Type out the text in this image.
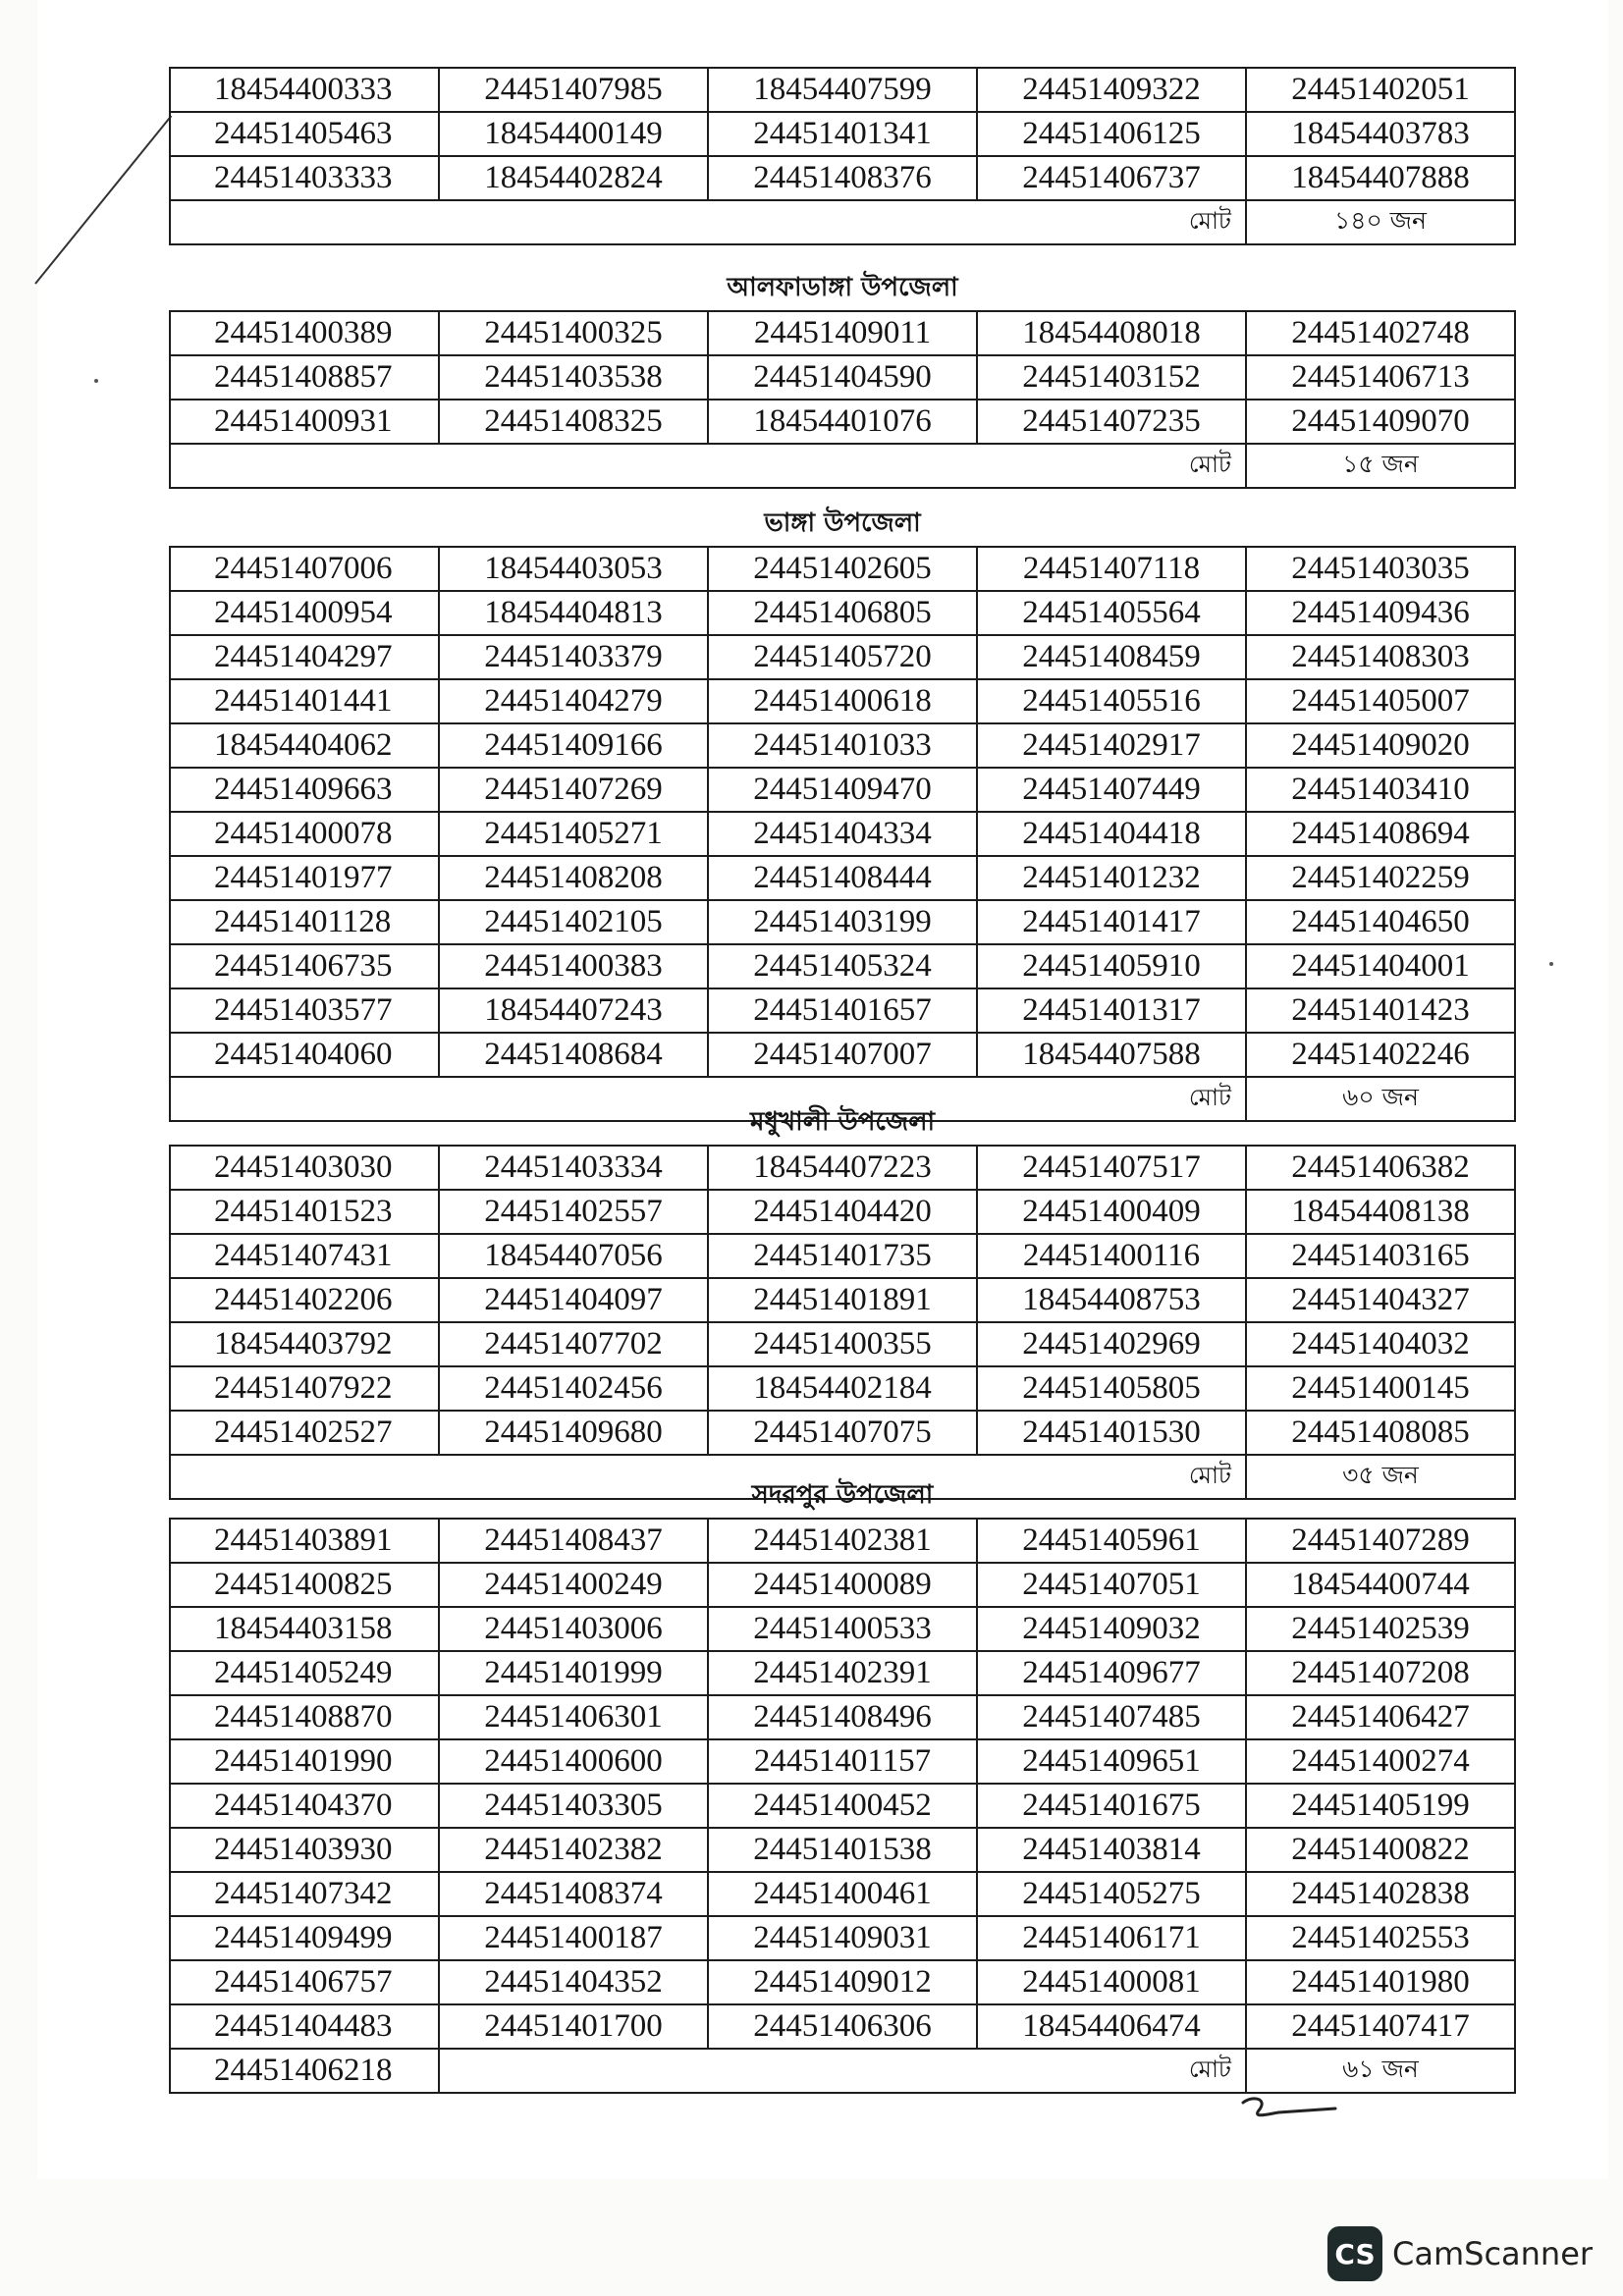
18454400333	24451407985	18454407599	24451409322	24451402051
24451405463	18454400149	24451401341	24451406125	18454403783
24451403333	18454402824	24451408376	24451406737	18454407888
মোট				১৪০ জন
আলফাডাঙ্গা উপজেলা
24451400389	24451400325	24451409011	18454408018	24451402748
24451408857	24451403538	24451404590	24451403152	24451406713
24451400931	24451408325	18454401076	24451407235	24451409070
মোট				১৫ জন
ভাঙ্গা উপজেলা
24451407006	18454403053	24451402605	24451407118	24451403035
24451400954	18454404813	24451406805	24451405564	24451409436
24451404297	24451403379	24451405720	24451408459	24451408303
24451401441	24451404279	24451400618	24451405516	24451405007
18454404062	24451409166	24451401033	24451402917	24451409020
24451409663	24451407269	24451409470	24451407449	24451403410
24451400078	24451405271	24451404334	24451404418	24451408694
24451401977	24451408208	24451408444	24451401232	24451402259
24451401128	24451402105	24451403199	24451401417	24451404650
24451406735	24451400383	24451405324	24451405910	24451404001
24451403577	18454407243	24451401657	24451401317	24451401423
24451404060	24451408684	24451407007	18454407588	24451402246
মোট				৬০ জন
মধুখালী উপজেলা
24451403030	24451403334	18454407223	24451407517	24451406382
24451401523	24451402557	24451404420	24451400409	18454408138
24451407431	18454407056	24451401735	24451400116	24451403165
24451402206	24451404097	24451401891	18454408753	24451404327
18454403792	24451407702	24451400355	24451402969	24451404032
24451407922	24451402456	18454402184	24451405805	24451400145
24451402527	24451409680	24451407075	24451401530	24451408085
মোট				৩৫ জন
সদরপুর উপজেলা
24451403891	24451408437	24451402381	24451405961	24451407289
24451400825	24451400249	24451400089	24451407051	18454400744
18454403158	24451403006	24451400533	24451409032	24451402539
24451405249	24451401999	24451402391	24451409677	24451407208
24451408870	24451406301	24451408496	24451407485	24451406427
24451401990	24451400600	24451401157	24451409651	24451400274
24451404370	24451403305	24451400452	24451401675	24451405199
24451403930	24451402382	24451401538	24451403814	24451400822
24451407342	24451408374	24451400461	24451405275	24451402838
24451409499	24451400187	24451409031	24451406171	24451402553
24451406757	24451404352	24451409012	24451400081	24451401980
24451404483	24451401700	24451406306	18454406474	24451407417
24451406218	মোট			৬১ জন
CS CamScanner
